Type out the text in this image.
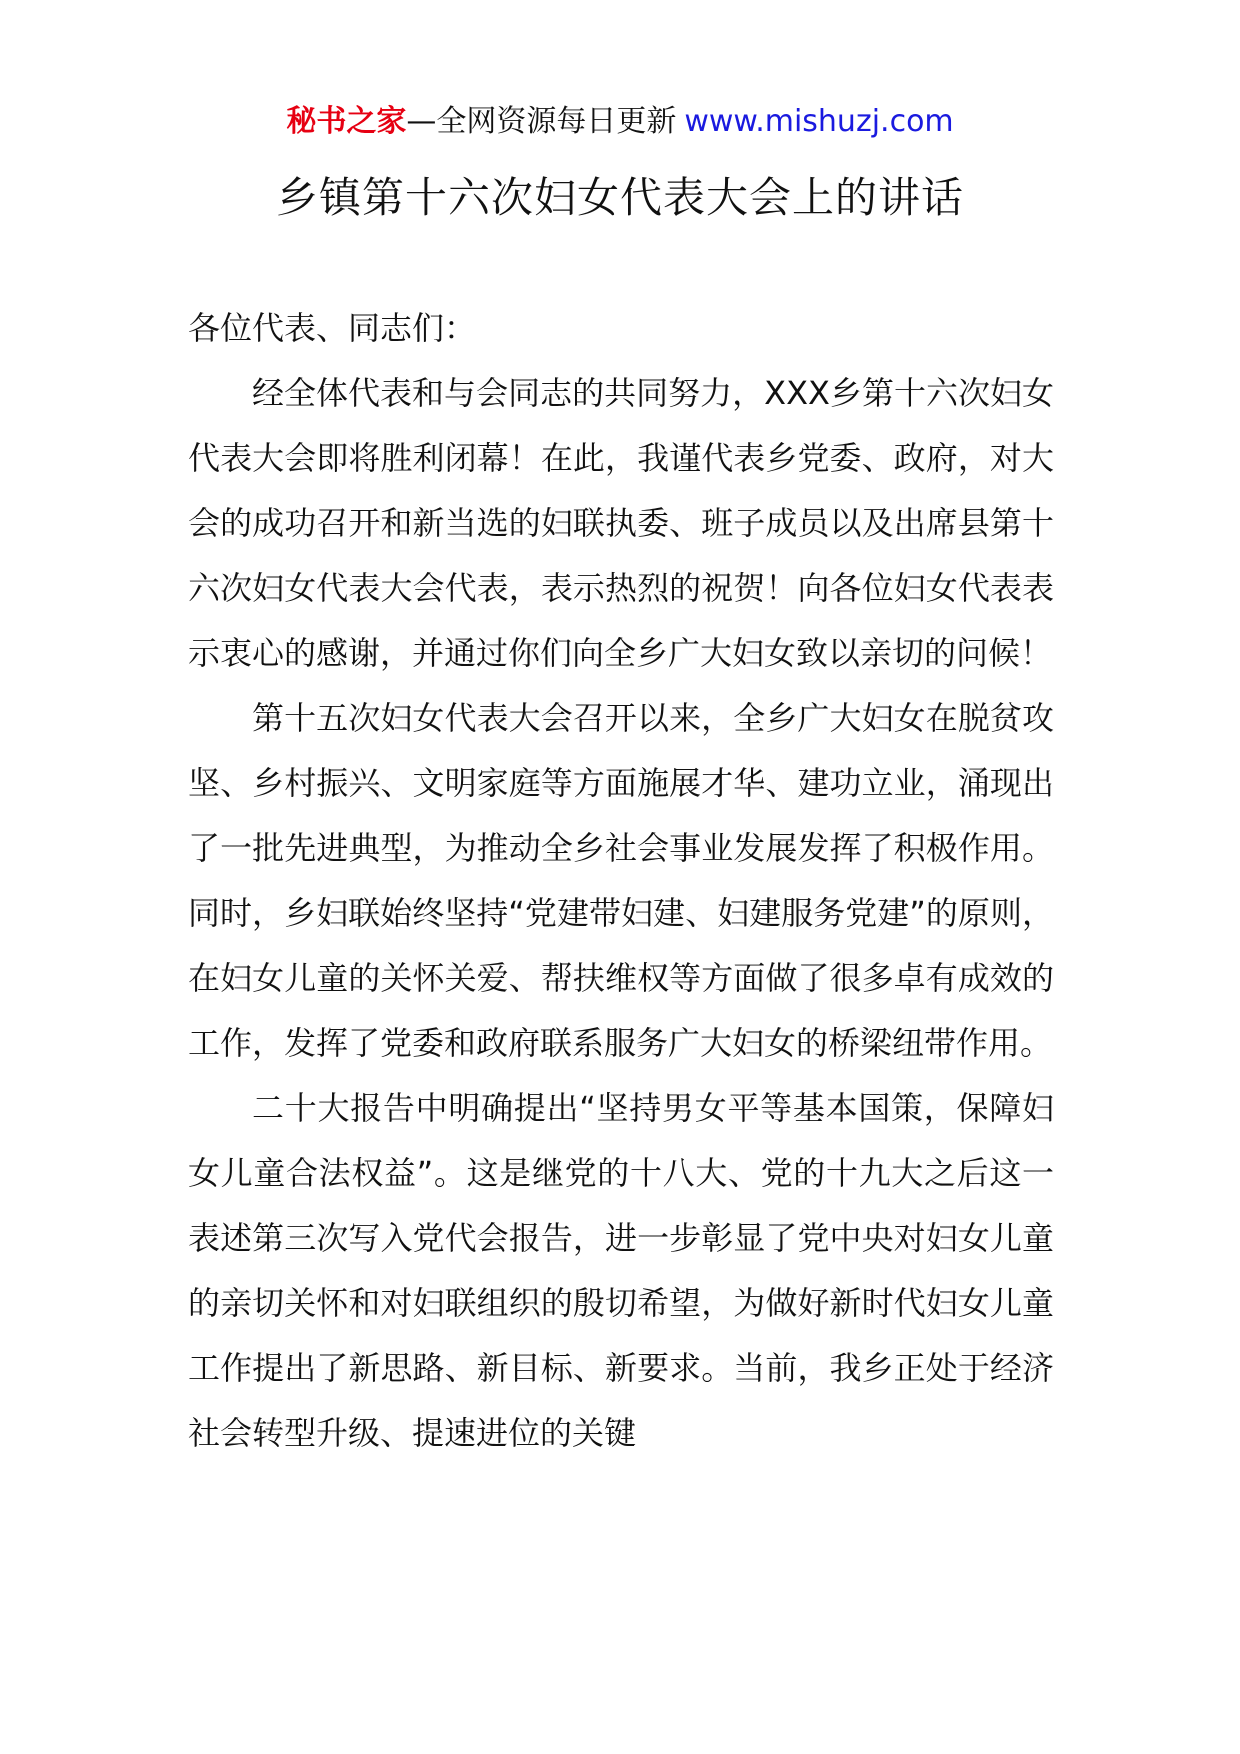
秘书之家—全网资源每日更新 www.mishuzj.com
乡镇第十六次妇女代表大会上的讲话

各位代表、同志们：

经全体代表和与会同志的共同努力，XXX乡第十六次妇女代表大会即将胜利闭幕！在此，我谨代表乡党委、政府，对大会的成功召开和新当选的妇联执委、班子成员以及出席县第十六次妇女代表大会代表，表示热烈的祝贺！向各位妇女代表表示衷心的感谢，并通过你们向全乡广大妇女致以亲切的问候！

第十五次妇女代表大会召开以来，全乡广大妇女在脱贫攻坚、乡村振兴、文明家庭等方面施展才华、建功立业，涌现出了一批先进典型，为推动全乡社会事业发展发挥了积极作用。同时，乡妇联始终坚持“党建带妇建、妇建服务党建”的原则，在妇女儿童的关怀关爱、帮扶维权等方面做了很多卓有成效的工作，发挥了党委和政府联系服务广大妇女的桥梁纽带作用。

二十大报告中明确提出“坚持男女平等基本国策，保障妇女儿童合法权益”。这是继党的十八大、党的十九大之后这一表述第三次写入党代会报告，进一步彰显了党中央对妇女儿童的亲切关怀和对妇联组织的殷切希望，为做好新时代妇女儿童工作提出了新思路、新目标、新要求。当前，我乡正处于经济社会转型升级、提速进位的关键
